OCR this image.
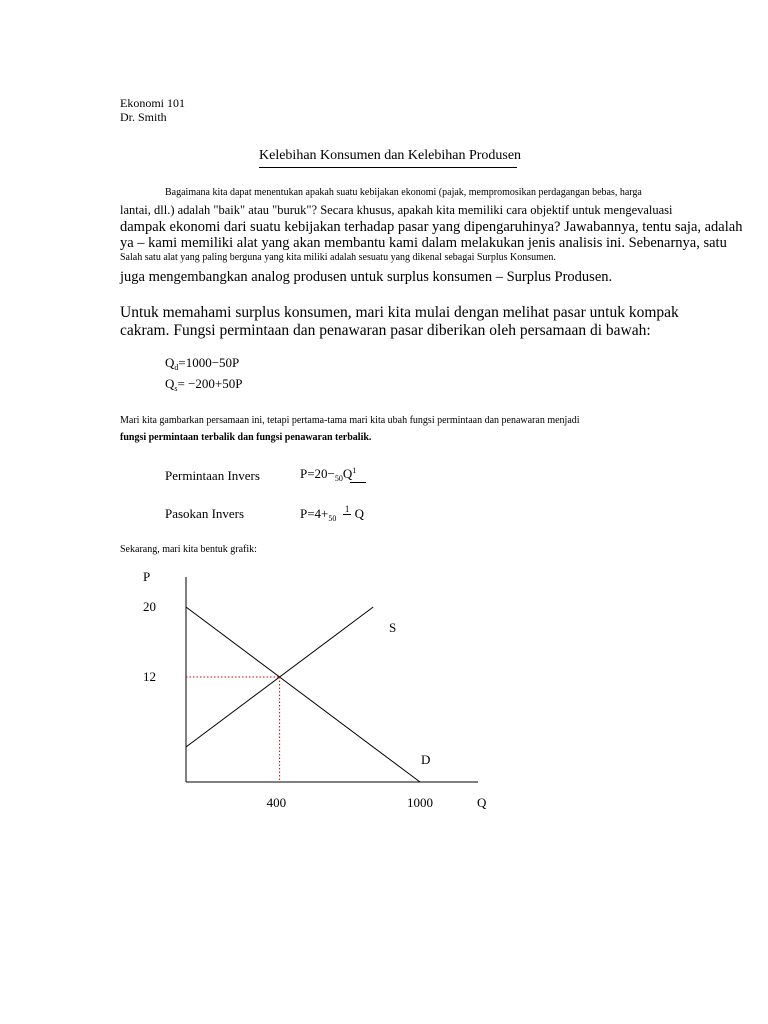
Ekonomi 101
Dr. Smith
Kelebihan Konsumen dan Kelebihan Produsen
Bagaimana kita dapat menentukan apakah suatu kebijakan ekonomi (pajak, mempromosikan perdagangan bebas, harga
lantai, dll.) adalah "baik" atau "buruk"? Secara khusus, apakah kita memiliki cara objektif untuk mengevaluasi
dampak ekonomi dari suatu kebijakan terhadap pasar yang dipengaruhinya? Jawabannya, tentu saja, adalah
ya – kami memiliki alat yang akan membantu kami dalam melakukan jenis analisis ini. Sebenarnya, satu
Salah satu alat yang paling berguna yang kita miliki adalah sesuatu yang dikenal sebagai Surplus Konsumen.
juga mengembangkan analog produsen untuk surplus konsumen – Surplus Produsen.
Untuk memahami surplus konsumen, mari kita mulai dengan melihat pasar untuk kompak
cakram. Fungsi permintaan dan penawaran pasar diberikan oleh persamaan di bawah:
$Q_d=1000-50P$
$Q_s= -200+50P$
Mari kita gambarkan persamaan ini, tetapi pertama-tama mari kita ubah fungsi permintaan dan penawaran menjadi
fungsi permintaan terbalik dan fungsi penawaran terbalik.
Permintaan Invers	$P=20-_{50}Q^1$
Pasokan Invers	$P=4+_{50}$  1 Q
Sekarang, mari kita bentuk grafik:
P
Q
S
D
20
12
400	1000
